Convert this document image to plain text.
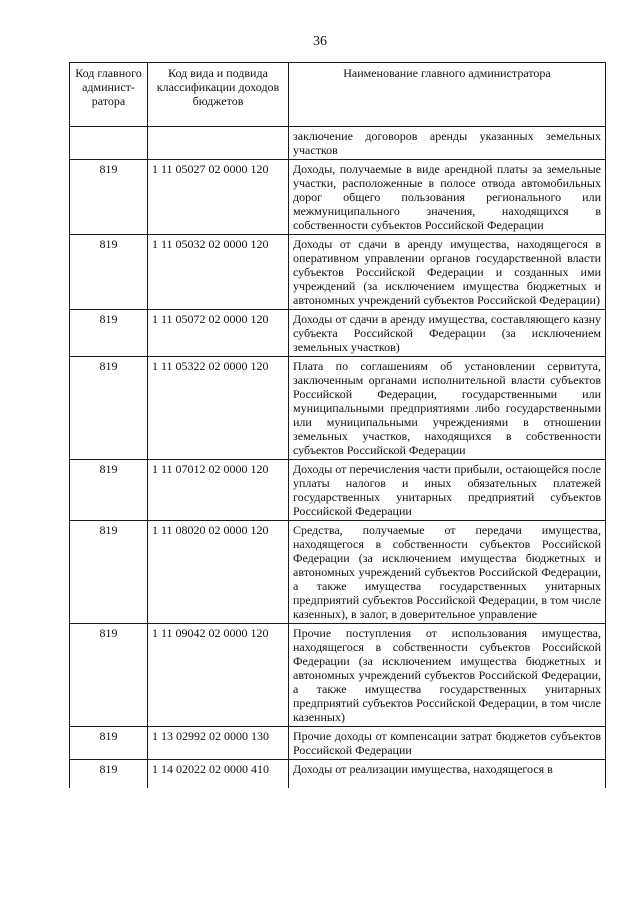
36
Код главного админист-ратора	Код вида и подвида классификации доходов бюджетов	Наименование главного администратора
		заключение договоров аренды указанных земельных участков
819	1 11 05027 02 0000 120	Доходы, получаемые в виде арендной платы за земельные участки, расположенные в полосе отвода автомобильных дорог общего пользования регионального или межмуниципального значения, находящихся в собственности субъектов Российской Федерации
819	1 11 05032 02 0000 120	Доходы от сдачи в аренду имущества, находящегося в оперативном управлении органов государственной власти субъектов Российской Федерации и созданных ими учреждений (за исключением имущества бюджетных и автономных учреждений субъектов Российской Федерации)
819	1 11 05072 02 0000 120	Доходы от сдачи в аренду имущества, составляющего казну субъекта Российской Федерации (за исключением земельных участков)
819	1 11 05322 02 0000 120	Плата по соглашениям об установлении сервитута, заключенным органами исполнительной власти субъектов Российской Федерации, государственными или муниципальными предприятиями либо государственными или муниципальными учреждениями в отношении земельных участков, находящихся в собственности субъектов Российской Федерации
819	1 11 07012 02 0000 120	Доходы от перечисления части прибыли, остающейся после уплаты налогов и иных обязательных платежей государственных унитарных предприятий субъектов Российской Федерации
819	1 11 08020 02 0000 120	Средства, получаемые от передачи имущества, находящегося в собственности субъектов Российской Федерации (за исключением имущества бюджетных и автономных учреждений субъектов Российской Федерации, а также имущества государственных унитарных предприятий субъектов Российской Федерации, в том числе казенных), в залог, в доверительное управление
819	1 11 09042 02 0000 120	Прочие поступления от использования имущества, находящегося в собственности субъектов Российской Федерации (за исключением имущества бюджетных и автономных учреждений субъектов Российской Федерации, а также имущества государственных унитарных предприятий субъектов Российской Федерации, в том числе казенных)
819	1 13 02992 02 0000 130	Прочие доходы от компенсации затрат бюджетов субъектов Российской Федерации
819	1 14 02022 02 0000 410	Доходы от реализации имущества, находящегося в
